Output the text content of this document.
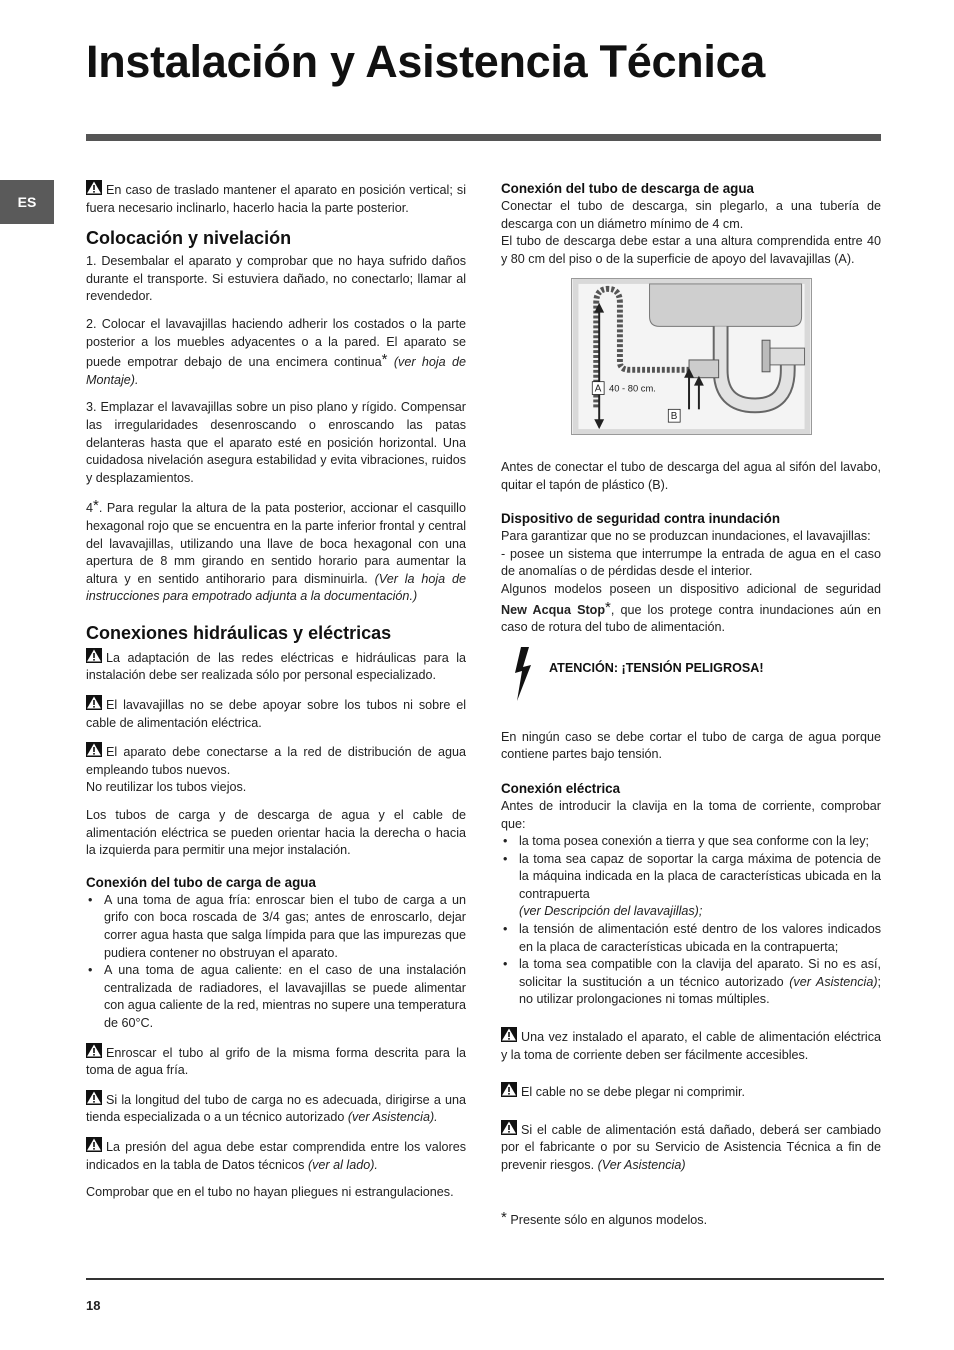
Instalación y Asistencia Técnica
ES

En caso de traslado mantener el aparato en posición vertical; si fuera necesario inclinarlo, hacerlo hacia la parte posterior.

Colocación y nivelación

1. Desembalar el aparato y comprobar que no haya sufrido daños durante el transporte. Si estuviera dañado, no conectarlo; llamar al revendedor.

2. Colocar el lavavajillas haciendo adherir los costados o la parte posterior a los muebles adyacentes o a la pared. El aparato se puede empotrar debajo de una encimera continua* (ver hoja de Montaje).

3. Emplazar el lavavajillas sobre un piso plano y rígido. Compensar las irregularidades desenroscando o enroscando las patas delanteras hasta que el aparato esté en posición horizontal. Una cuidadosa nivelación asegura estabilidad y evita vibraciones, ruidos y desplazamientos.

4*. Para regular la altura de la pata posterior, accionar el casquillo hexagonal rojo que se encuentra en la parte inferior frontal y central del lavavajillas, utilizando una llave de boca hexagonal con una apertura de 8 mm girando en sentido horario para aumentar la altura y en sentido antihorario para disminuirla. (Ver la hoja de instrucciones para empotrado adjunta a la documentación.)

Conexiones hidráulicas y eléctricas

La adaptación de las redes eléctricas e hidráulicas para la instalación debe ser realizada sólo por personal especializado.

El lavavajillas no se debe apoyar sobre los tubos ni sobre el cable de alimentación eléctrica.

El aparato debe conectarse a la red de distribución de agua empleando tubos nuevos.
No reutilizar los tubos viejos.

Los tubos de carga y de descarga de agua y el cable de alimentación eléctrica se pueden orientar hacia la derecha o hacia la izquierda para permitir una mejor instalación.

Conexión del tubo de carga de agua
• A una toma de agua fría: enroscar bien el tubo de carga a un grifo con boca roscada de 3/4 gas; antes de enroscarlo, dejar correr agua hasta que salga límpida para que las impurezas que pudiera contener no obstruyan el aparato.
• A una toma de agua caliente: en el caso de una instalación centralizada de radiadores, el lavavajillas se puede alimentar con agua caliente de la red, mientras no supere una temperatura de 60°C.

Enroscar el tubo al grifo de la misma forma descrita para la toma de agua fría.

Si la longitud del tubo de carga no es adecuada, dirigirse a una tienda especializada o a un técnico autorizado (ver Asistencia).

La presión del agua debe estar comprendida entre los valores indicados en la tabla de Datos técnicos (ver al lado).

Comprobar que en el tubo no hayan pliegues ni estrangulaciones.

Conexión del tubo de descarga de agua

Conectar el tubo de descarga, sin plegarlo, a una tubería de descarga con un diámetro mínimo de 4 cm.
El tubo de descarga debe estar a una altura comprendida entre 40 y 80 cm del piso o de la superficie de apoyo del lavavajillas (A).

A 40 - 80 cm.
B

Antes de conectar el tubo de descarga del agua al sifón del lavabo, quitar el tapón de plástico (B).

Dispositivo de seguridad contra inundación

Para garantizar que no se produzcan inundaciones, el lavavajillas:
- posee un sistema que interrumpe la entrada de agua en el caso de anomalías o de pérdidas desde el interior.
Algunos modelos poseen un dispositivo adicional de seguridad New Acqua Stop*, que los protege contra inundaciones aún en caso de rotura del tubo de alimentación.

ATENCIÓN: ¡TENSIÓN PELIGROSA!

En ningún caso se debe cortar el tubo de carga de agua porque contiene partes bajo tensión.

Conexión eléctrica

Antes de introducir la clavija en la toma de corriente, comprobar que:

• la toma posea conexión a tierra y que sea conforme con la ley;
• la toma sea capaz de soportar la carga máxima de potencia de la máquina indicada en la placa de características ubicada en la contrapuerta
(ver Descripción del lavavajillas);
• la tensión de alimentación esté dentro de los valores indicados en la placa de características ubicada en la contrapuerta;
• la toma sea compatible con la clavija del aparato. Si no es así, solicitar la sustitución a un técnico autorizado (ver Asistencia); no utilizar prolongaciones ni tomas múltiples.

Una vez instalado el aparato, el cable de alimentación eléctrica y la toma de corriente deben ser fácilmente accesibles.

El cable no se debe plegar ni comprimir.

Si el cable de alimentación está dañado, deberá ser cambiado por el fabricante o por su Servicio de Asistencia Técnica a fin de prevenir riesgos. (Ver Asistencia)

* Presente sólo en algunos modelos.

18
